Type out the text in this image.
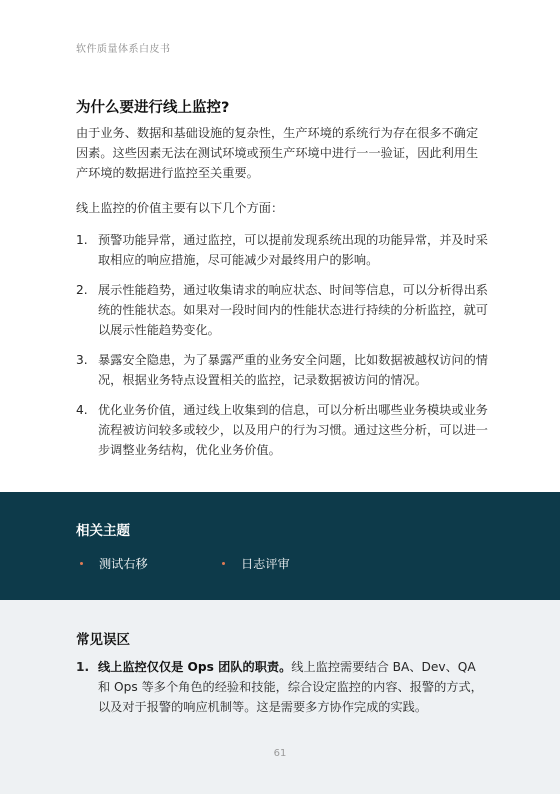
软件质量体系白皮书
为什么要进行线上监控?
由于业务、数据和基础设施的复杂性，生产环境的系统行为存在很多不确定因素。这些因素无法在测试环境或预生产环境中进行一一验证，因此利用生产环境的数据进行监控至关重要。
线上监控的价值主要有以下几个方面：
1. 预警功能异常，通过监控，可以提前发现系统出现的功能异常，并及时采取相应的响应措施，尽可能减少对最终用户的影响。
2. 展示性能趋势，通过收集请求的响应状态、时间等信息，可以分析得出系统的性能状态。如果对一段时间内的性能状态进行持续的分析监控，就可以展示性能趋势变化。
3. 暴露安全隐患，为了暴露严重的业务安全问题，比如数据被越权访问的情况，根据业务特点设置相关的监控，记录数据被访问的情况。
4. 优化业务价值，通过线上收集到的信息，可以分析出哪些业务模块或业务流程被访问较多或较少，以及用户的行为习惯。通过这些分析，可以进一步调整业务结构，优化业务价值。
相关主题
测试右移	日志评审
常见误区
1. 线上监控仅仅是 Ops 团队的职责。线上监控需要结合 BA、Dev、QA 和 Ops 等多个角色的经验和技能，综合设定监控的内容、报警的方式，以及对于报警的响应机制等。这是需要多方协作完成的实践。
61
